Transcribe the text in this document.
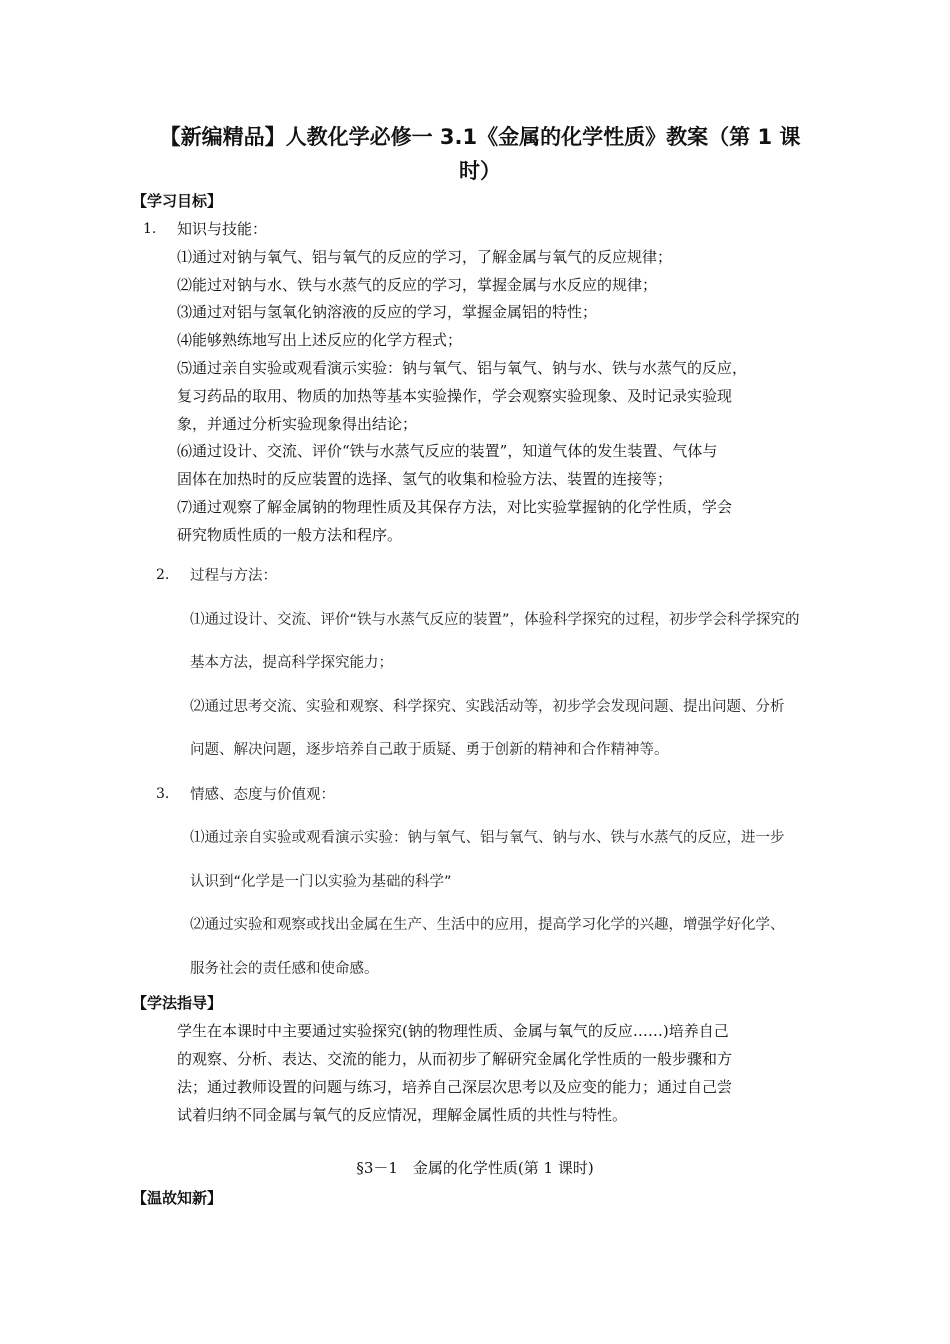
【新编精品】人教化学必修一 3.1《金属的化学性质》教案（第 1 课
时）
【学习目标】
1. 知识与技能：
⑴通过对钠与氧气、铝与氧气的反应的学习，了解金属与氧气的反应规律；
⑵能过对钠与水、铁与水蒸气的反应的学习，掌握金属与水反应的规律；
⑶通过对铝与氢氧化钠溶液的反应的学习，掌握金属铝的特性；
⑷能够熟练地写出上述反应的化学方程式；
⑸通过亲自实验或观看演示实验：钠与氧气、铝与氧气、钠与水、铁与水蒸气的反应，
复习药品的取用、物质的加热等基本实验操作，学会观察实验现象、及时记录实验现
象，并通过分析实验现象得出结论；
⑹通过设计、交流、评价“铁与水蒸气反应的装置”，知道气体的发生装置、气体与
固体在加热时的反应装置的选择、氢气的收集和检验方法、装置的连接等；
⑺通过观察了解金属钠的物理性质及其保存方法，对比实验掌握钠的化学性质，学会
研究物质性质的一般方法和程序。
2. 过程与方法：
⑴通过设计、交流、评价“铁与水蒸气反应的装置”，体验科学探究的过程，初步学会科学探究的
基本方法，提高科学探究能力；
⑵通过思考交流、实验和观察、科学探究、实践活动等，初步学会发现问题、提出问题、分析
问题、解决问题，逐步培养自己敢于质疑、勇于创新的精神和合作精神等。
3. 情感、态度与价值观：
⑴通过亲自实验或观看演示实验：钠与氧气、铝与氧气、钠与水、铁与水蒸气的反应，进一步
认识到“化学是一门以实验为基础的科学”
⑵通过实验和观察或找出金属在生产、生活中的应用，提高学习化学的兴趣，增强学好化学、
服务社会的责任感和使命感。
【学法指导】
学生在本课时中主要通过实验探究(钠的物理性质、金属与氧气的反应……)培养自己
的观察、分析、表达、交流的能力，从而初步了解研究金属化学性质的一般步骤和方
法；通过教师设置的问题与练习，培养自己深层次思考以及应变的能力；通过自己尝
试着归纳不同金属与氧气的反应情况，理解金属性质的共性与特性。
§3－1　金属的化学性质(第 1 课时)
【温故知新】
